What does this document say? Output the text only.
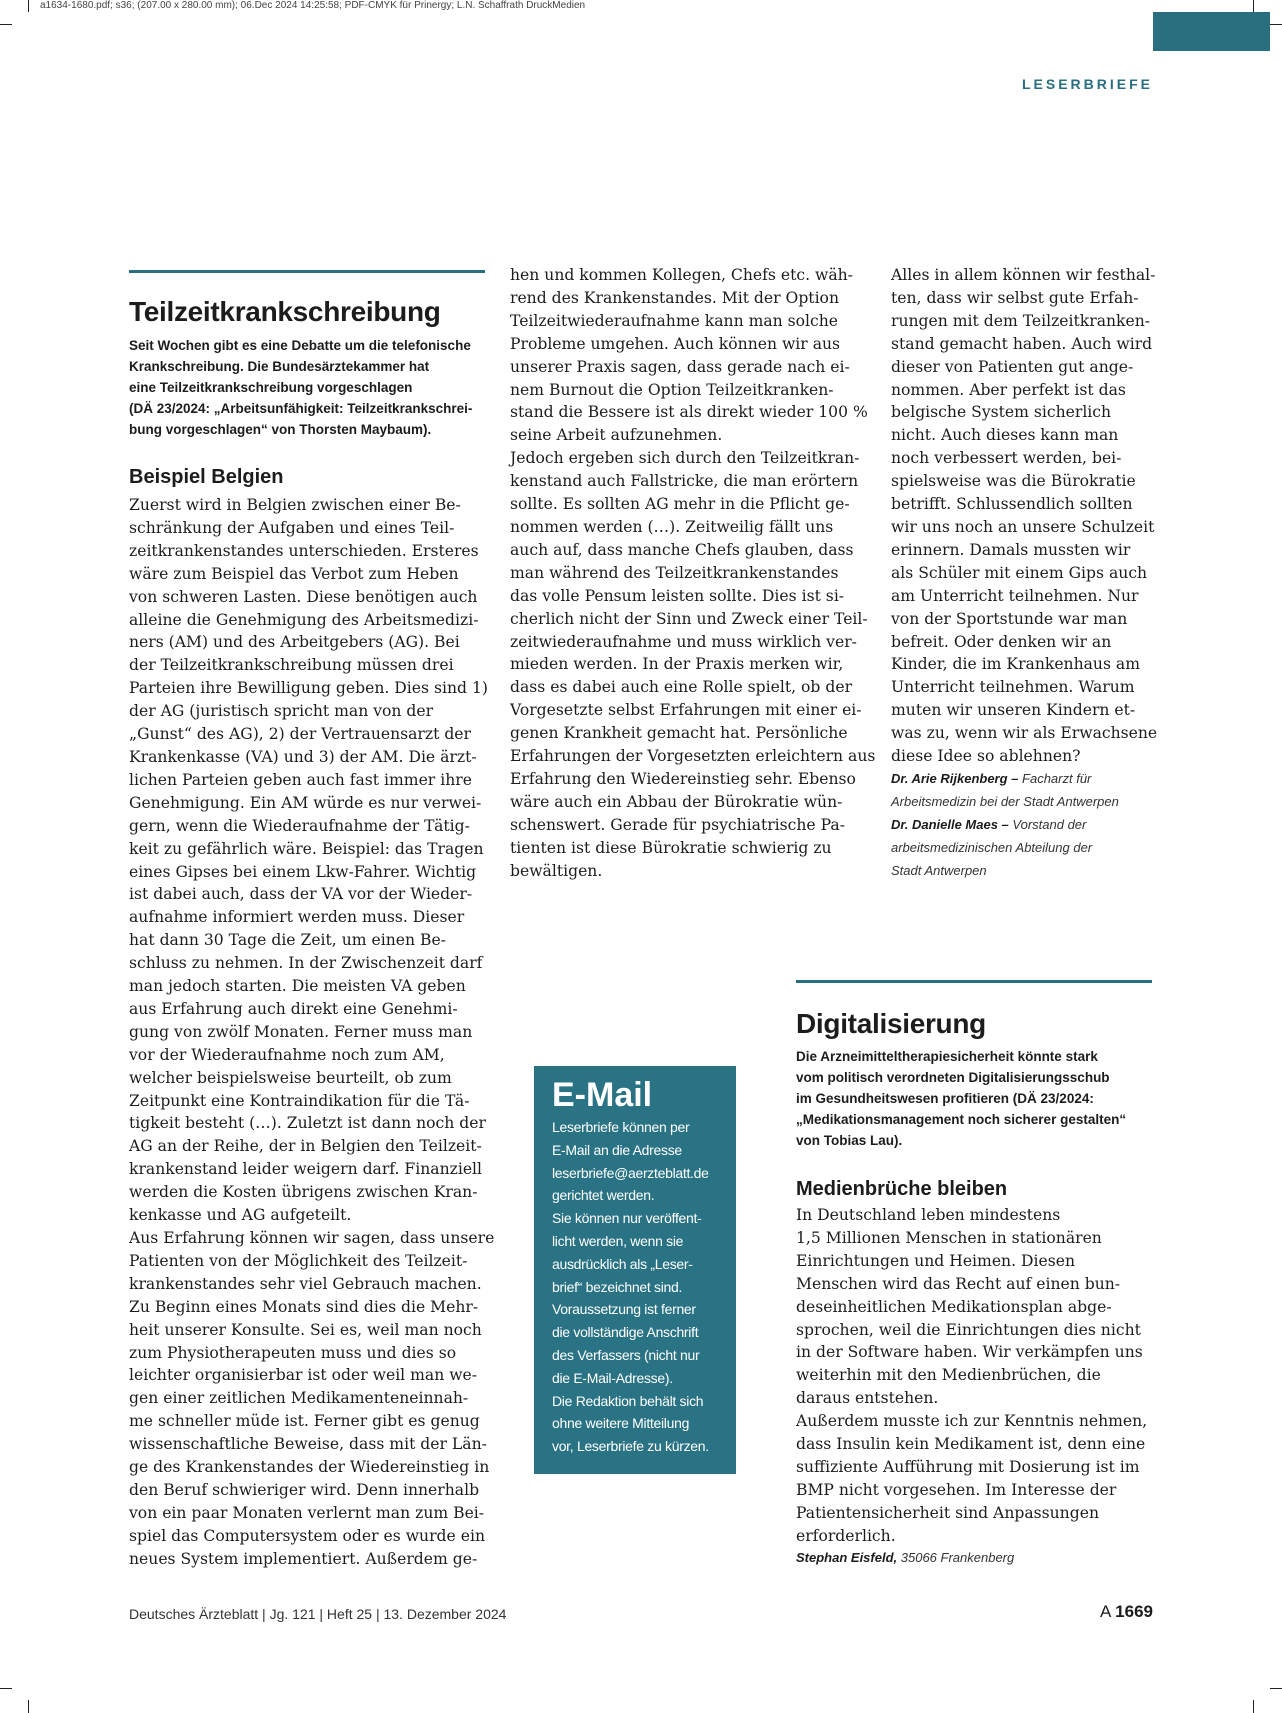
a1634-1680.pdf; s36; (207.00 x 280.00 mm); 06.Dec 2024 14:25:58; PDF-CMYK für Prinergy; L.N. Schaffrath DruckMedien
LESERBRIEFE
Teilzeitkrankschreibung
Seit Wochen gibt es eine Debatte um die telefonische
Krankschreibung. Die Bundesärztekammer hat
eine Teilzeitkrankschreibung vorgeschlagen
(DÄ 23/2024: „Arbeitsunfähigkeit: Teilzeitkrankschrei-
bung vorgeschlagen“ von Thorsten Maybaum).
Beispiel Belgien
Zuerst wird in Belgien zwischen einer Be-
schränkung der Aufgaben und eines Teil-
zeitkrankenstandes unterschieden. Ersteres
wäre zum Beispiel das Verbot zum Heben
von schweren Lasten. Diese benötigen auch
alleine die Genehmigung des Arbeitsmedizi-
ners (AM) und des Arbeitgebers (AG). Bei
der Teilzeitkrankschreibung müssen drei
Parteien ihre Bewilligung geben. Dies sind 1)
der AG (juristisch spricht man von der
„Gunst“ des AG), 2) der Vertrauensarzt der
Krankenkasse (VA) und 3) der AM. Die ärzt-
lichen Parteien geben auch fast immer ihre
Genehmigung. Ein AM würde es nur verwei-
gern, wenn die Wiederaufnahme der Tätig-
keit zu gefährlich wäre. Beispiel: das Tragen
eines Gipses bei einem Lkw-Fahrer. Wichtig
ist dabei auch, dass der VA vor der Wieder-
aufnahme informiert werden muss. Dieser
hat dann 30 Tage die Zeit, um einen Be-
schluss zu nehmen. In der Zwischenzeit darf
man jedoch starten. Die meisten VA geben
aus Erfahrung auch direkt eine Genehmi-
gung von zwölf Monaten. Ferner muss man
vor der Wiederaufnahme noch zum AM,
welcher beispielsweise beurteilt, ob zum
Zeitpunkt eine Kontraindikation für die Tä-
tigkeit besteht (…). Zuletzt ist dann noch der
AG an der Reihe, der in Belgien den Teilzeit-
krankenstand leider weigern darf. Finanziell
werden die Kosten übrigens zwischen Kran-
kenkasse und AG aufgeteilt.
Aus Erfahrung können wir sagen, dass unsere
Patienten von der Möglichkeit des Teilzeit-
krankenstandes sehr viel Gebrauch machen.
Zu Beginn eines Monats sind dies die Mehr-
heit unserer Konsulte. Sei es, weil man noch
zum Physiotherapeuten muss und dies so
leichter organisierbar ist oder weil man we-
gen einer zeitlichen Medikamenteneinnah-
me schneller müde ist. Ferner gibt es genug
wissenschaftliche Beweise, dass mit der Län-
ge des Krankenstandes der Wiedereinstieg in
den Beruf schwieriger wird. Denn innerhalb
von ein paar Monaten verlernt man zum Bei-
spiel das Computersystem oder es wurde ein
neues System implementiert. Außerdem ge-
hen und kommen Kollegen, Chefs etc. wäh-
rend des Krankenstandes. Mit der Option
Teilzeitwiederaufnahme kann man solche
Probleme umgehen. Auch können wir aus
unserer Praxis sagen, dass gerade nach ei-
nem Burnout die Option Teilzeitkranken-
stand die Bessere ist als direkt wieder 100 %
seine Arbeit aufzunehmen.
Jedoch ergeben sich durch den Teilzeitkran-
kenstand auch Fallstricke, die man erörtern
sollte. Es sollten AG mehr in die Pflicht ge-
nommen werden (…). Zeitweilig fällt uns
auch auf, dass manche Chefs glauben, dass
man während des Teilzeitkrankenstandes
das volle Pensum leisten sollte. Dies ist si-
cherlich nicht der Sinn und Zweck einer Teil-
zeitwiederaufnahme und muss wirklich ver-
mieden werden. In der Praxis merken wir,
dass es dabei auch eine Rolle spielt, ob der
Vorgesetzte selbst Erfahrungen mit einer ei-
genen Krankheit gemacht hat. Persönliche
Erfahrungen der Vorgesetzten erleichtern aus
Erfahrung den Wiedereinstieg sehr. Ebenso
wäre auch ein Abbau der Bürokratie wün-
schenswert. Gerade für psychiatrische Pa-
tienten ist diese Bürokratie schwierig zu
bewältigen.
Alles in allem können wir festhal-
ten, dass wir selbst gute Erfah-
rungen mit dem Teilzeitkranken-
stand gemacht haben. Auch wird
dieser von Patienten gut ange-
nommen. Aber perfekt ist das
belgische System sicherlich
nicht. Auch dieses kann man
noch verbessert werden, bei-
spielsweise was die Bürokratie
betrifft. Schlussendlich sollten
wir uns noch an unsere Schulzeit
erinnern. Damals mussten wir
als Schüler mit einem Gips auch
am Unterricht teilnehmen. Nur
von der Sportstunde war man
befreit. Oder denken wir an
Kinder, die im Krankenhaus am
Unterricht teilnehmen. Warum
muten wir unseren Kindern et-
was zu, wenn wir als Erwachsene
diese Idee so ablehnen?
Dr. Arie Rijkenberg – Facharzt für
Arbeitsmedizin bei der Stadt Antwerpen
Dr. Danielle Maes – Vorstand der
arbeitsmedizinischen Abteilung der
Stadt Antwerpen
E-Mail
Leserbriefe können per
E-Mail an die Adresse
leserbriefe@aerzteblatt.de
gerichtet werden.
Sie können nur veröffent-
licht werden, wenn sie
ausdrücklich als „Leser-
brief“ bezeichnet sind.
Voraussetzung ist ferner
die vollständige Anschrift
des Verfassers (nicht nur
die E-Mail-Adresse).
Die Redaktion behält sich
ohne weitere Mitteilung
vor, Leserbriefe zu kürzen.
Digitalisierung
Die Arzneimitteltherapiesicherheit könnte stark
vom politisch verordneten Digitalisierungsschub
im Gesundheitswesen profitieren (DÄ 23/2024:
„Medikationsmanagement noch sicherer gestalten“
von Tobias Lau).
Medienbrüche bleiben
In Deutschland leben mindestens
1,5 Millionen Menschen in stationären
Einrichtungen und Heimen. Diesen
Menschen wird das Recht auf einen bun-
deseinheitlichen Medikationsplan abge-
sprochen, weil die Einrichtungen dies nicht
in der Software haben. Wir verkämpfen uns
weiterhin mit den Medienbrüchen, die
daraus entstehen.
Außerdem musste ich zur Kenntnis nehmen,
dass Insulin kein Medikament ist, denn eine
suffiziente Aufführung mit Dosierung ist im
BMP nicht vorgesehen. Im Interesse der
Patientensicherheit sind Anpassungen
erforderlich.
Stephan Eisfeld, 35066 Frankenberg
Deutsches Ärzteblatt | Jg. 121 | Heft 25 | 13. Dezember 2024	A 1669
